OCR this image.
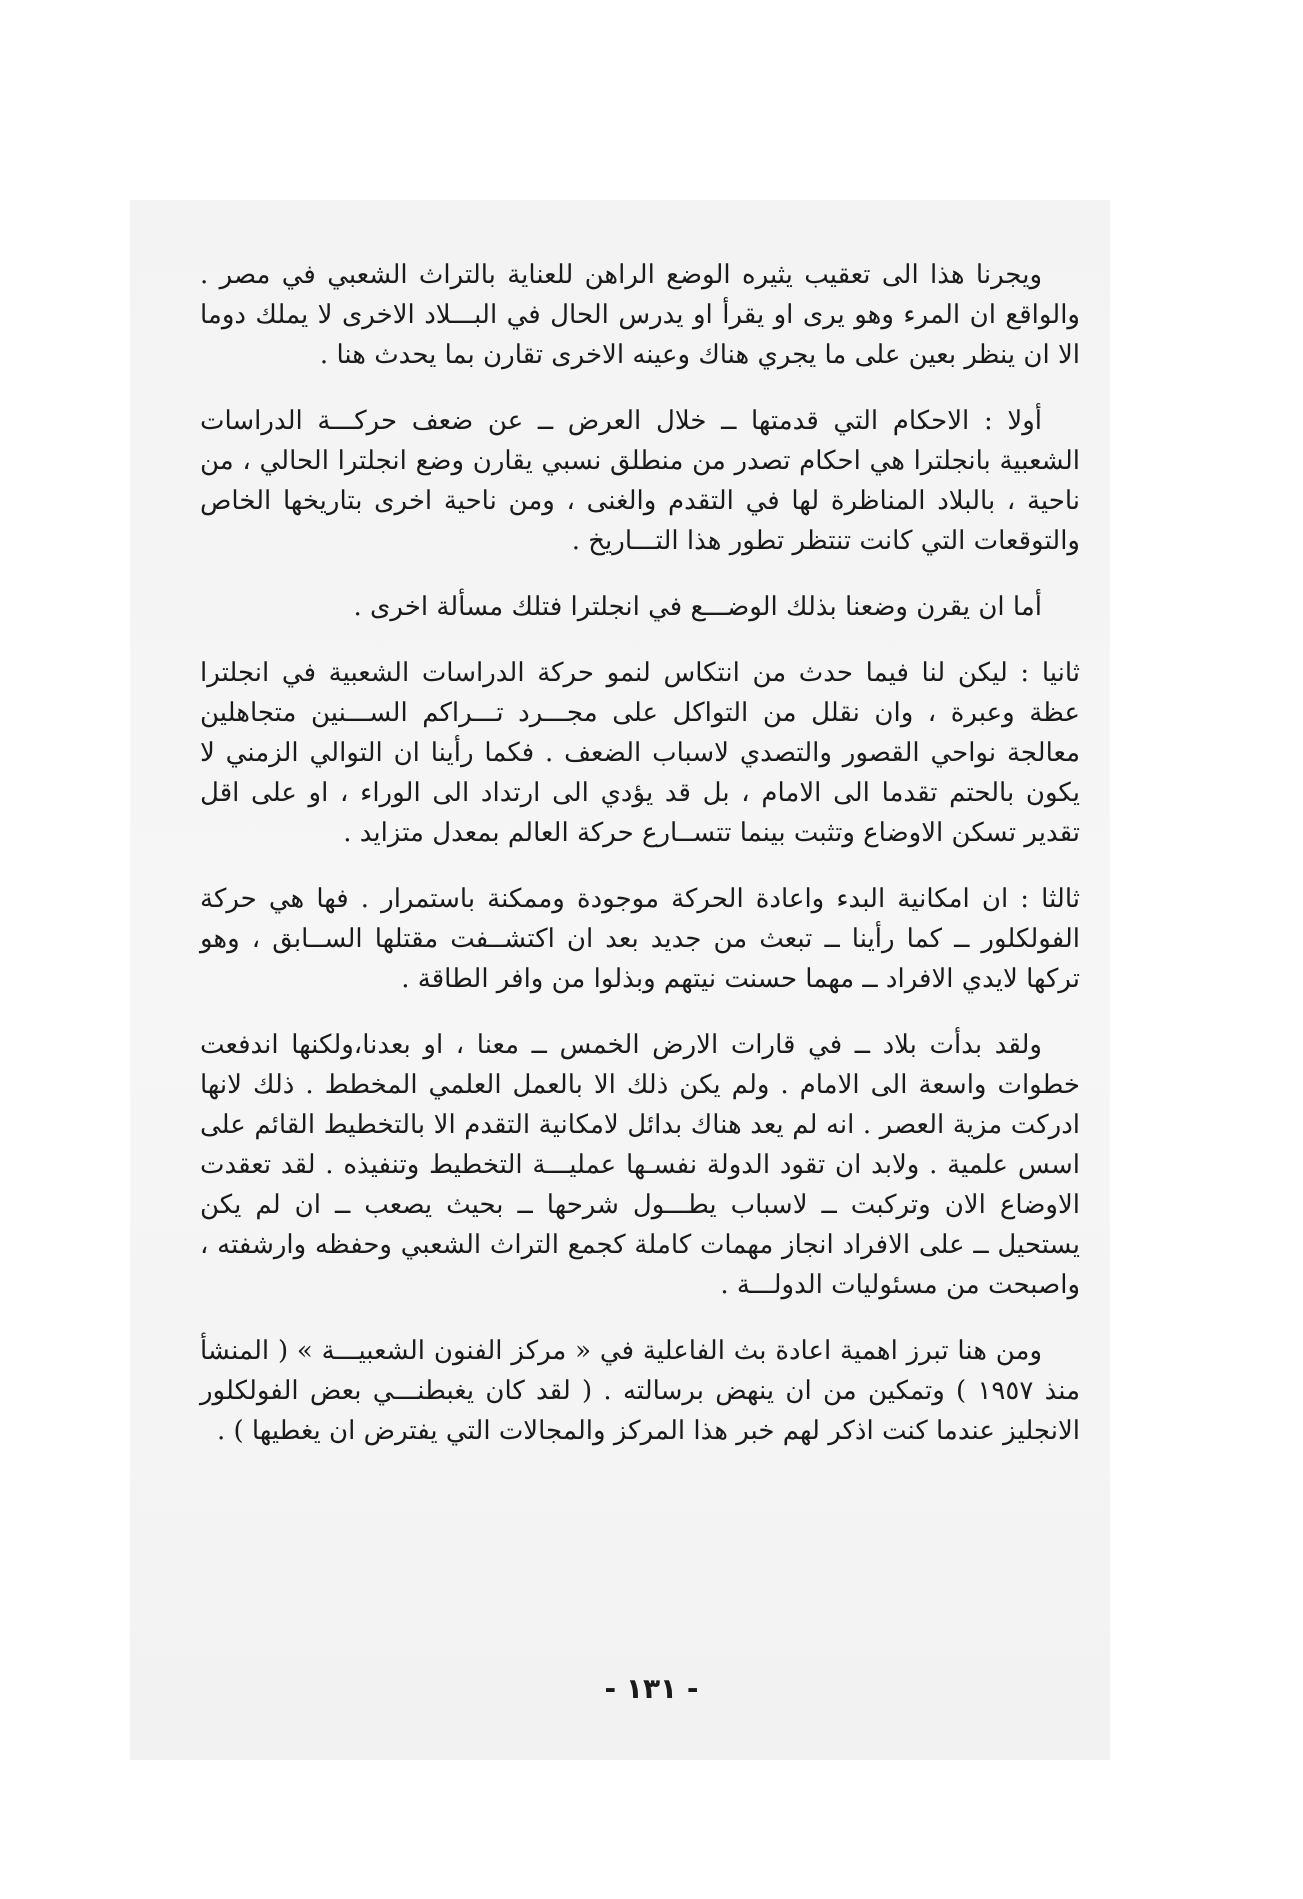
ويجرنا هذا الى تعقيب يثيره الوضع الراهن للعناية بالتراث الشعبي في مصر . والواقع ان المرء وهو يرى او يقرأ او يدرس الحال في البـــلاد الاخرى لا يملك دوما الا ان ينظر بعين على ما يجري هناك وعينه الاخرى تقارن بما يحدث هنا .

أولا : الاحكام التي قدمتها ــ خلال العرض ــ عن ضعف حركـــة الدراسات الشعبية بانجلترا هي احكام تصدر من منطلق نسبي يقارن وضع انجلترا الحالي ، من ناحية ، بالبلاد المناظرة لها في التقدم والغنى ، ومن ناحية اخرى بتاريخها الخاص والتوقعات التي كانت تنتظر تطور هذا التـــاريخ .

أما ان يقرن وضعنا بذلك الوضـــع في انجلترا فتلك مسألة اخرى .

ثانيا : ليكن لنا فيما حدث من انتكاس لنمو حركة الدراسات الشعبية في انجلترا عظة وعبرة ، وان نقلل من التواكل على مجـــرد تـــراكم الســـنين متجاهلين معالجة نواحي القصور والتصدي لاسباب الضعف . فكما رأينا ان التوالي الزمني لا يكون بالحتم تقدما الى الامام ، بل قد يؤدي الى ارتداد الى الوراء ، او على اقل تقدير تسكن الاوضاع وتثبت بينما تتســارع حركة العالم بمعدل متزايد .

ثالثا : ان امكانية البدء واعادة الحركة موجودة وممكنة باستمرار . فها هي حركة الفولكلور ــ كما رأينا ــ تبعث من جديد بعد ان اكتشــفت مقتلها الســابق ، وهو تركها لايدي الافراد ــ مهما حسنت نيتهم وبذلوا من وافر الطاقة .

ولقد بدأت بلاد ــ في قارات الارض الخمس ــ معنا ، او بعدنا،ولكنها اندفعت خطوات واسعة الى الامام . ولم يكن ذلك الا بالعمل العلمي المخطط . ذلك لانها ادركت مزية العصر . انه لم يعد هناك بدائل لامكانية التقدم الا بالتخطيط القائم على اسس علمية . ولابد ان تقود الدولة نفسـها عمليـــة التخطيط وتنفيذه . لقد تعقدت الاوضاع الان وتركبت ــ لاسباب يطـــول شرحها ــ بحيث يصعب ــ ان لم يكن يستحيل ــ على الافراد انجاز مهمات كاملة كجمع التراث الشعبي وحفظه وارشفته ، واصبحت من مسئوليات الدولـــة .

ومن هنا تبرز اهمية اعادة بث الفاعلية في « مركز الفنون الشعبيـــة » ( المنشأ منذ ١٩٥٧ ) وتمكين من ان ينهض برسالته . ( لقد كان يغبطنـــي بعض الفولكلور الانجليز عندما كنت اذكر لهم خبر هذا المركز والمجالات التي يفترض ان يغطيها ) .

- ١٣١ -
